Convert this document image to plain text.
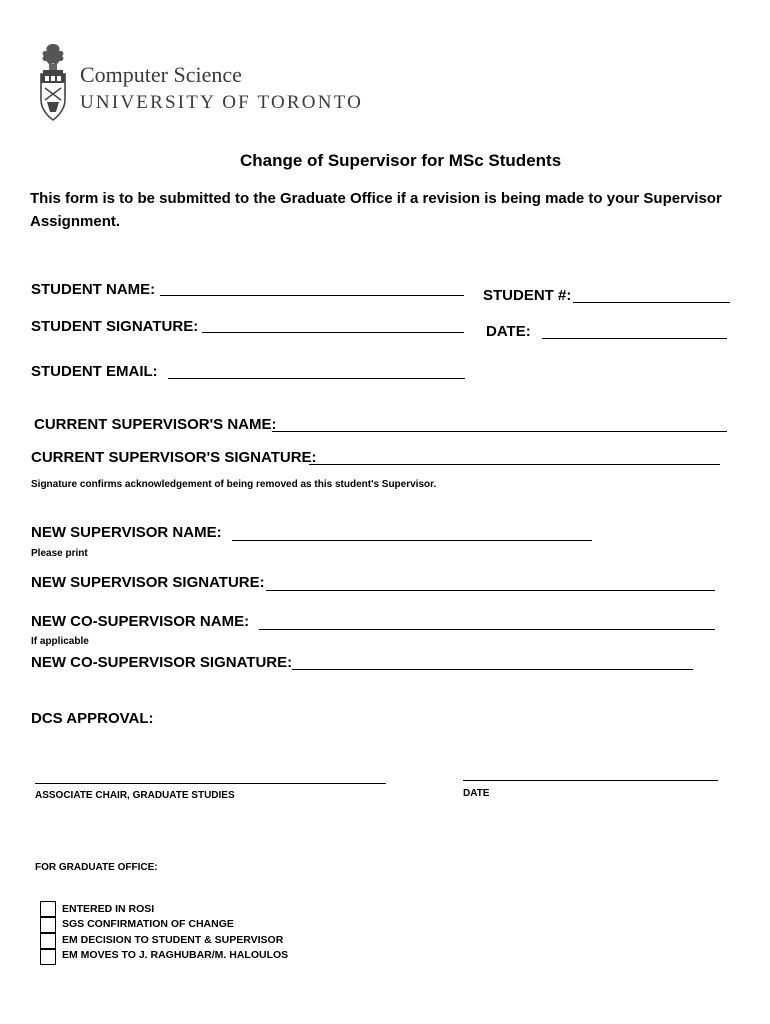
Computer Science
UNIVERSITY OF TORONTO
Change of Supervisor for MSc Students
This form is to be submitted to the Graduate Office if a revision is being made to your Supervisor Assignment.
STUDENT NAME:	STUDENT #:
STUDENT SIGNATURE:	DATE:
STUDENT EMAIL:
CURRENT SUPERVISOR'S NAME:
CURRENT SUPERVISOR'S SIGNATURE:
Signature confirms acknowledgement of being removed as this student's Supervisor.
NEW SUPERVISOR NAME:
Please print
NEW SUPERVISOR SIGNATURE:
NEW CO-SUPERVISOR NAME:
If applicable
NEW CO-SUPERVISOR SIGNATURE:
DCS APPROVAL:
ASSOCIATE CHAIR, GRADUATE STUDIES	DATE
FOR GRADUATE OFFICE:
ENTERED IN ROSI
SGS CONFIRMATION OF CHANGE
EM DECISION TO STUDENT & SUPERVISOR
EM MOVES TO J. RAGHUBAR/M. HALOULOS
